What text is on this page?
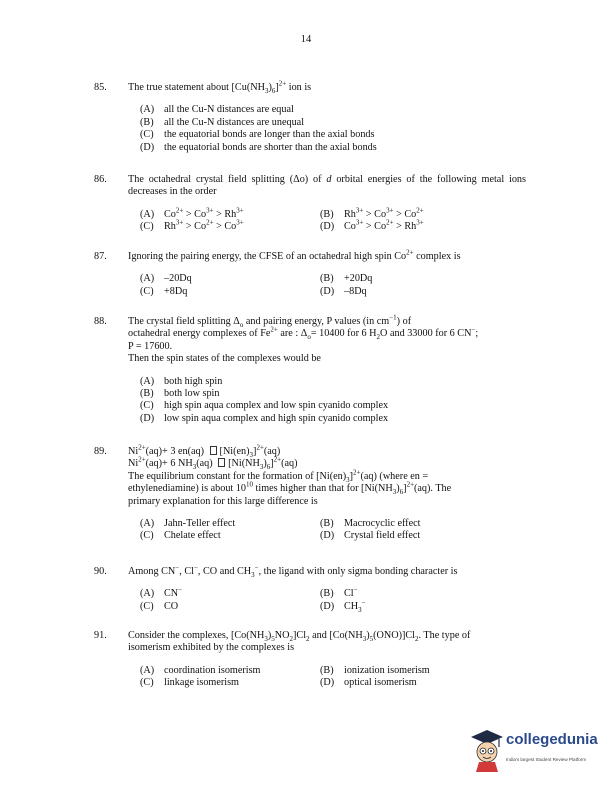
14
85. The true statement about $[Cu(NH_3)_6]^{2+}$ ion is
(A) all the Cu-N distances are equal
(B)	all the Cu-N distances are unequal
(C)	the equatorial bonds are longer than the axial bonds
(D) the equatorial bonds are shorter than the axial bonds
86. The octahedral crystal field splitting (Δo) of d orbital energies of the following metal ions decreases in the order
(A) $Co^{2+} > Co^{3+} > Rh^{3+}$	(B)	$Rh^{3+} > Co^{3+} > Co^{2+}$
(C)	$Rh^{3+} > Co^{2+} > Co^{3+}$	(D) $Co^{3+} > Co^{2+} > Rh^{3+}$
87. Ignoring the pairing energy, the CFSE of an octahedral high spin $Co^{2+}$ complex is
(A) –20Dq	(B)	+20Dq
(C)	+8Dq	(D) –8Dq
88. The crystal field splitting $\Delta_o$ and pairing energy, P values (in $cm^{-1}$) of
octahedral energy complexes of $Fe^{2+}$ are : $\Delta_o= 10400$ for 6 $H_2O$ and 33000 for 6 CN−;
P = 17600.
Then the spin states of the complexes would be
(A) both high spin
(B)	both low spin
(C)	high spin aqua complex and low spin cyanido complex
(D) low spin aqua complex and high spin cyanido complex
89. $Ni^{2+}(aq)+ 3$ en(aq) $[Ni(en)_3]^{2+}(aq)$
$Ni^{2+}(aq)+ 6$ $NH_3(aq)$ $[Ni(NH_3)_6]^{2+}(aq)$
The equilibrium constant for the formation of $[Ni(en)_3]^{2+}(aq)$ (where en =
ethylenediamine) is about $10^{10}$ times higher than that for $[Ni(NH_3)_6]^{2+}(aq)$. The
primary explanation for this large difference is
(A) Jahn-Teller effect	(B)	Macrocyclic effect
(C)	Chelate effect	(D) Crystal field effect
90. Among CN−, Cl−, CO and $CH_3^-$, the ligand with only sigma bonding character is
(A) CN−	(B)	Cl−
(C)	CO	(D) $CH_3^-$
91. Consider the complexes, $[Co(NH_3)_5NO_2]Cl_2$ and $[Co(NH_3)_5(ONO)]Cl_2$. The type of
isomerism exhibited by the complexes is
(A) coordination isomerism	(B)	ionization isomerism
(C)	linkage isomerism	(D) optical isomerism
collegedunia
India's largest Student Review Platform
